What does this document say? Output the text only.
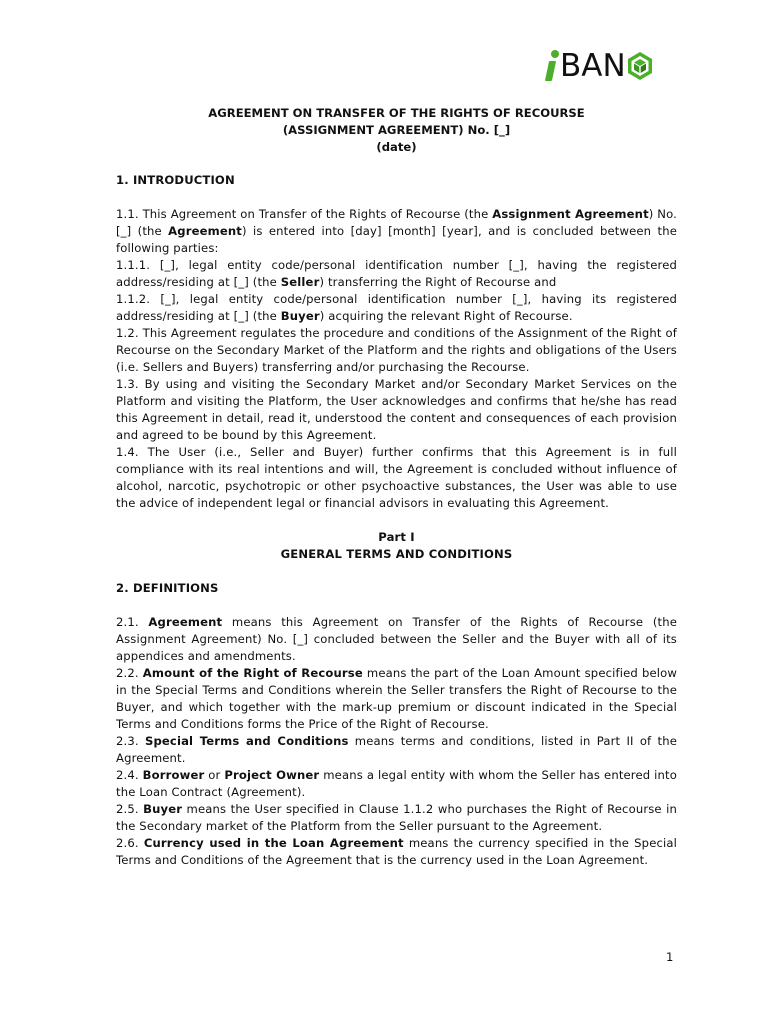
BAN
AGREEMENT ON TRANSFER OF THE RIGHTS OF RECOURSE
(ASSIGNMENT AGREEMENT) No. [_]
(date)

1. INTRODUCTION

1.1. This Agreement on Transfer of the Rights of Recourse (the Assignment Agreement) No. [_] (the Agreement) is entered into [day] [month] [year], and is concluded between the following parties:

1.1.1. [_], legal entity code/personal identification number [_], having the registered address/residing at [_] (the Seller) transferring the Right of Recourse and

1.1.2. [_], legal entity code/personal identification number [_], having its registered address/residing at [_] (the Buyer) acquiring the relevant Right of Recourse.

1.2. This Agreement regulates the procedure and conditions of the Assignment of the Right of Recourse on the Secondary Market of the Platform and the rights and obligations of the Users (i.e. Sellers and Buyers) transferring and/or purchasing the Recourse.

1.3. By using and visiting the Secondary Market and/or Secondary Market Services on the Platform and visiting the Platform, the User acknowledges and confirms that he/she has read this Agreement in detail, read it, understood the content and consequences of each provision and agreed to be bound by this Agreement.

1.4. The User (i.e., Seller and Buyer) further confirms that this Agreement is in full compliance with its real intentions and will, the Agreement is concluded without influence of alcohol, narcotic, psychotropic or other psychoactive substances, the User was able to use the advice of independent legal or financial advisors in evaluating this Agreement.

Part I

GENERAL TERMS AND CONDITIONS

2. DEFINITIONS

2.1. Agreement means this Agreement on Transfer of the Rights of Recourse (the Assignment Agreement) No. [_] concluded between the Seller and the Buyer with all of its appendices and amendments.

2.2. Amount of the Right of Recourse means the part of the Loan Amount specified below in the Special Terms and Conditions wherein the Seller transfers the Right of Recourse to the Buyer, and which together with the mark-up premium or discount indicated in the Special Terms and Conditions forms the Price of the Right of Recourse.

2.3. Special Terms and Conditions means terms and conditions, listed in Part II of the Agreement.

2.4. Borrower or Project Owner means a legal entity with whom the Seller has entered into the Loan Contract (Agreement).

2.5. Buyer means the User specified in Clause 1.1.2 who purchases the Right of Recourse in the Secondary market of the Platform from the Seller pursuant to the Agreement.

2.6. Currency used in the Loan Agreement means the currency specified in the Special Terms and Conditions of the Agreement that is the currency used in the Loan Agreement.

1
